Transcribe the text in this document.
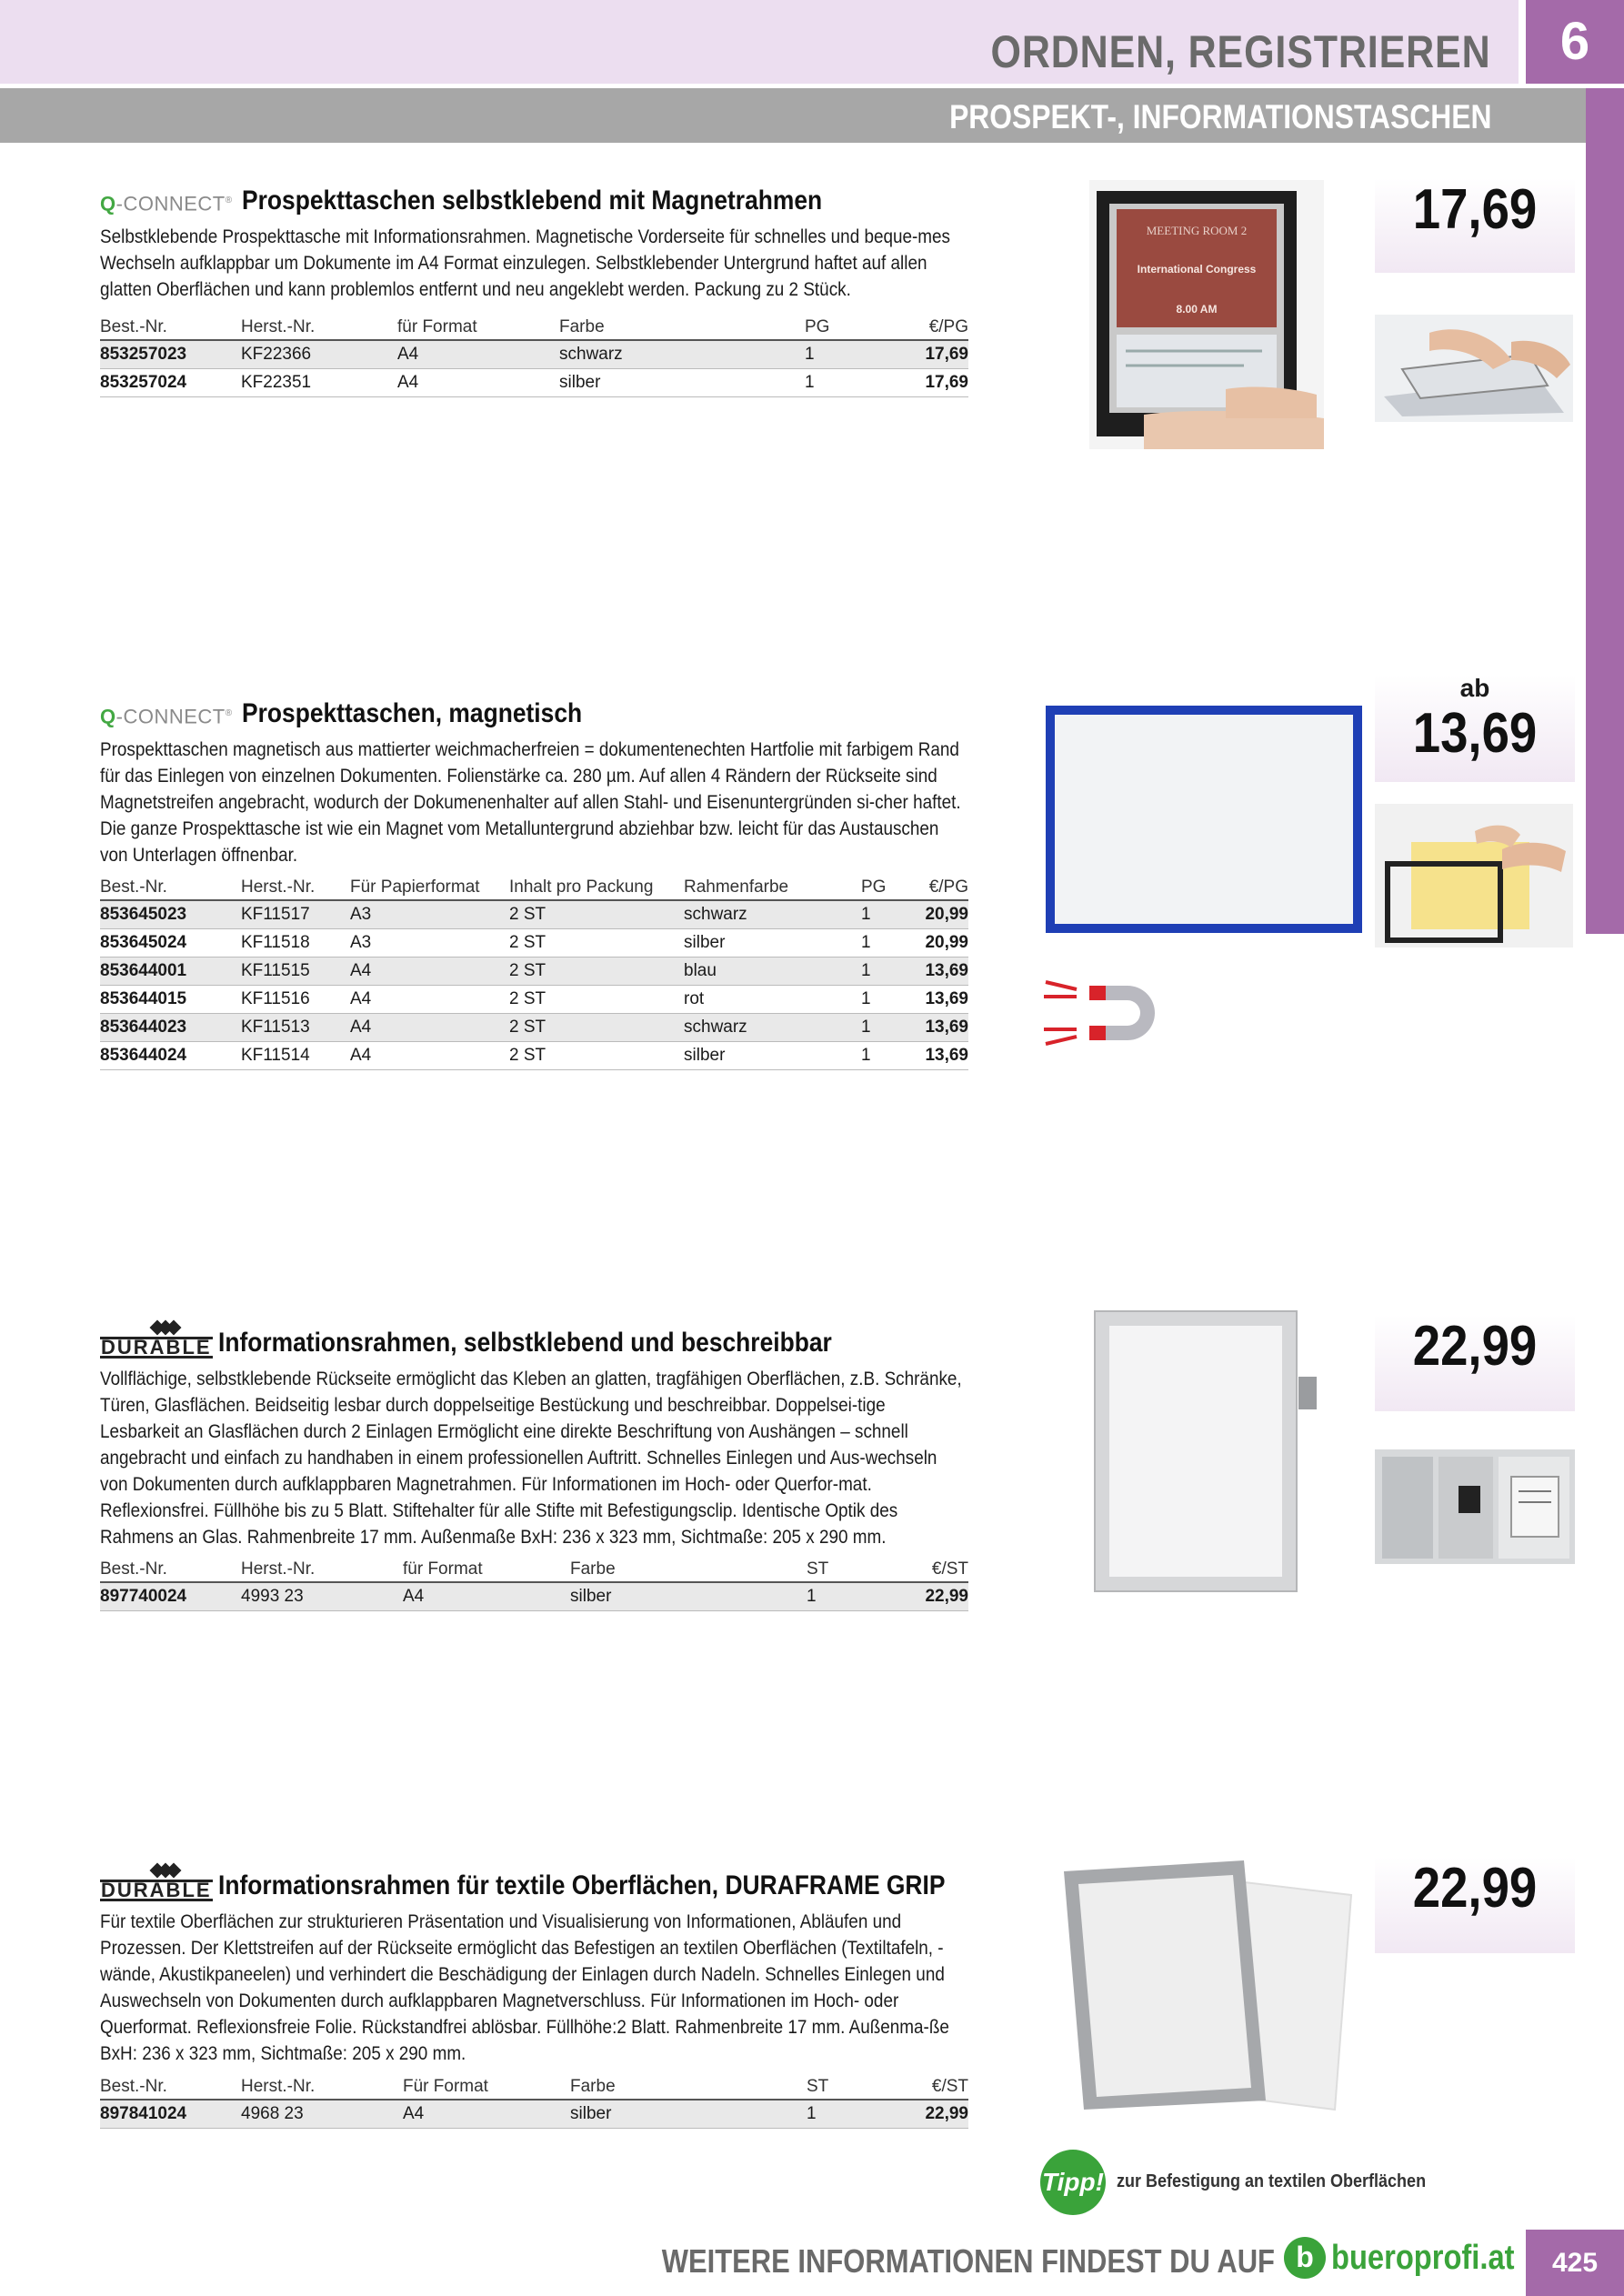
ORDNEN, REGISTRIEREN	6
PROSPEKT-, INFORMATIONSTASCHEN
Q-CONNECT® Prospekttaschen selbstklebend mit Magnetrahmen
Selbstklebende Prospekttasche mit Informationsrahmen. Magnetische Vorderseite für schnelles und beque-mes Wechseln aufklappbar um Dokumente im A4 Format einzulegen. Selbstklebender Untergrund haftet auf allen glatten Oberflächen und kann problemlos entfernt und neu angeklebt werden. Packung zu 2 Stück.
Best.-Nr.	Herst.-Nr.	für Format	Farbe	PG	€/PG
853257023	KF22366	A4	schwarz	1	17,69
853257024	KF22351	A4	silber	1	17,69
MEETING ROOM 2
International Congress
8.00 AM
17,69
Q-CONNECT® Prospekttaschen, magnetisch
Prospekttaschen magnetisch aus mattierter weichmacherfreien = dokumentenechten Hartfolie mit farbigem Rand für das Einlegen von einzelnen Dokumenten. Folienstärke ca. 280 µm. Auf allen 4 Rändern der Rückseite sind Magnetstreifen angebracht, wodurch der Dokumenenhalter auf allen Stahl- und Eisenuntergründen si-cher haftet. Die ganze Prospekttasche ist wie ein Magnet vom Metalluntergrund abziehbar bzw. leicht für das Austauschen von Unterlagen öffnenbar.
Best.-Nr.	Herst.-Nr.	Für Papierformat	Inhalt pro Packung	Rahmenfarbe	PG	€/PG
853645023	KF11517	A3	2 ST	schwarz	1	20,99
853645024	KF11518	A3	2 ST	silber	1	20,99
853644001	KF11515	A4	2 ST	blau	1	13,69
853644015	KF11516	A4	2 ST	rot	1	13,69
853644023	KF11513	A4	2 ST	schwarz	1	13,69
853644024	KF11514	A4	2 ST	silber	1	13,69
ab
13,69
DURABLE Informationsrahmen, selbstklebend und beschreibbar
Vollflächige, selbstklebende Rückseite ermöglicht das Kleben an glatten, tragfähigen Oberflächen, z.B. Schränke, Türen, Glasflächen. Beidseitig lesbar durch doppelseitige Bestückung und beschreibbar. Doppelsei-tige Lesbarkeit an Glasflächen durch 2 Einlagen Ermöglicht eine direkte Beschriftung von Aushängen – schnell angebracht und einfach zu handhaben in einem professionellen Auftritt. Schnelles Einlegen und Aus-wechseln von Dokumenten durch aufklappbaren Magnetrahmen. Für Informationen im Hoch- oder Querfor-mat. Reflexionsfrei. Füllhöhe bis zu 5 Blatt. Stiftehalter für alle Stifte mit Befestigungsclip. Identische Optik des Rahmens an Glas. Rahmenbreite 17 mm. Außenmaße BxH: 236 x 323 mm, Sichtmaße: 205 x 290 mm.
Best.-Nr.	Herst.-Nr.	für Format	Farbe	ST	€/ST
897740024	4993 23	A4	silber	1	22,99
22,99
DURABLE Informationsrahmen für textile Oberflächen, DURAFRAME GRIP
Für textile Oberflächen zur strukturieren Präsentation und Visualisierung von Informationen, Abläufen und Prozessen. Der Klettstreifen auf der Rückseite ermöglicht das Befestigen an textilen Oberflächen (Textiltafeln, -wände, Akustikpaneelen) und verhindert die Beschädigung der Einlagen durch Nadeln. Schnelles Einlegen und Auswechseln von Dokumenten durch aufklappbaren Magnetverschluss. Für Informationen im Hoch- oder Querformat. Reflexionsfreie Folie. Rückstandfrei ablösbar. Füllhöhe:2 Blatt. Rahmenbreite 17 mm. Außenma-ße BxH: 236 x 323 mm, Sichtmaße: 205 x 290 mm.
Best.-Nr.	Herst.-Nr.	Für Format	Farbe	ST	€/ST
897841024	4968 23	A4	silber	1	22,99
22,99
Tipp! zur Befestigung an textilen Oberflächen
WEITERE INFORMATIONEN FINDEST DU AUF b bueroprofi.at	425
